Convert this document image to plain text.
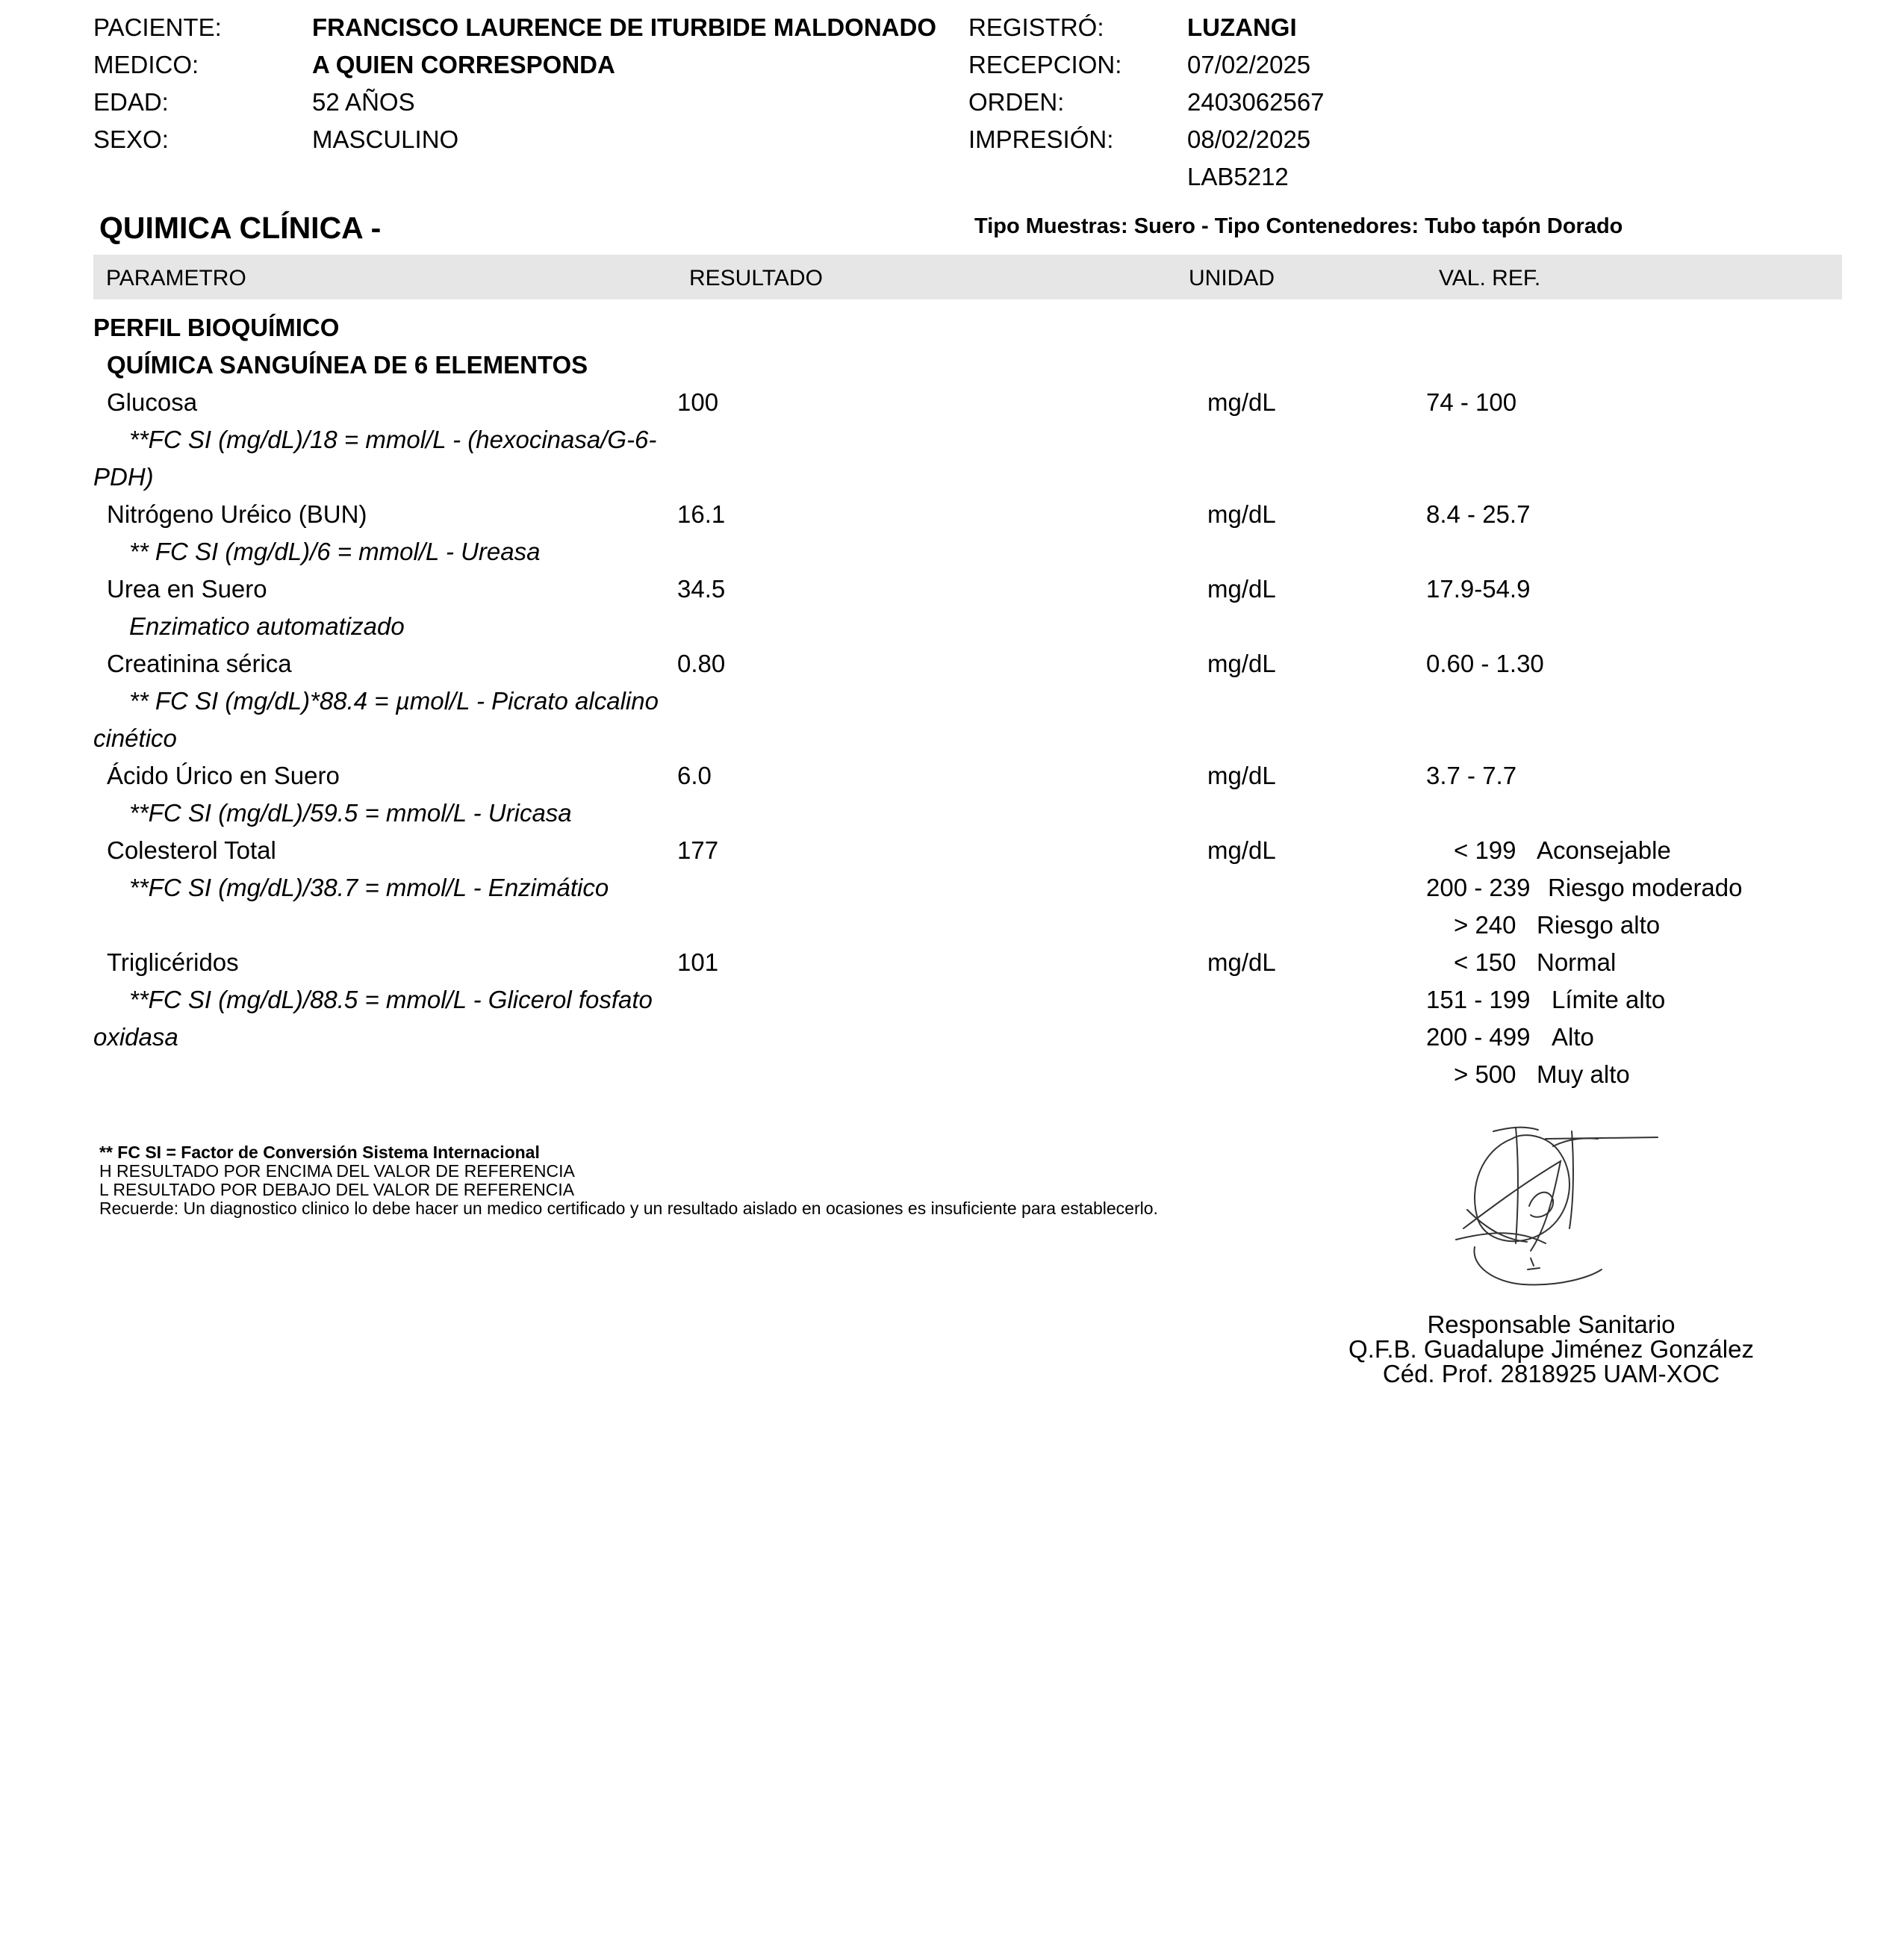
PACIENTE:	FRANCISCO LAURENCE DE ITURBIDE MALDONADO REGISTRÓ:	LUZANGI
MEDICO:	A QUIEN CORRESPONDA	RECEPCION:	07/02/2025
EDAD:	52 AÑOS	ORDEN:	2403062567
SEXO:	MASCULINO	IMPRESIÓN:	08/02/2025
LAB5212
QUIMICA CLÍNICA -	Tipo Muestras: Suero - Tipo Contenedores: Tubo tapón Dorado
PARAMETRO	RESULTADO	UNIDAD	VAL. REF.
PERFIL BIOQUÍMICO
QUÍMICA SANGUÍNEA DE 6 ELEMENTOS
Glucosa	100	mg/dL	74 - 100
**FC SI (mg/dL)/18 = mmol/L - (hexocinasa/G-6-
PDH)
Nitrógeno Uréico (BUN)	16.1	mg/dL	8.4 - 25.7
** FC SI (mg/dL)/6 = mmol/L - Ureasa
Urea en Suero	34.5	mg/dL	17.9-54.9
Enzimatico automatizado
Creatinina sérica	0.80	mg/dL	0.60 - 1.30
** FC SI (mg/dL)*88.4 = µmol/L - Picrato alcalino
cinético
Ácido Úrico en Suero	6.0	mg/dL	3.7 - 7.7
**FC SI (mg/dL)/59.5 = mmol/L - Uricasa
Colesterol Total	177	mg/dL	< 199 Aconsejable
**FC SI (mg/dL)/38.7 = mmol/L - Enzimático	200 - 239 Riesgo moderado
> 240 Riesgo alto
Triglicéridos	101	mg/dL	< 150 Normal
**FC SI (mg/dL)/88.5 = mmol/L - Glicerol fosfato	151 - 199 Límite alto
oxidasa	200 - 499 Alto
> 500 Muy alto
** FC SI = Factor de Conversión Sistema Internacional
H RESULTADO POR ENCIMA DEL VALOR DE REFERENCIA
L RESULTADO POR DEBAJO DEL VALOR DE REFERENCIA
Recuerde: Un diagnostico clinico lo debe hacer un medico certificado y un resultado aislado en ocasiones es insuficiente para establecerlo.
Responsable Sanitario
Q.F.B. Guadalupe Jiménez González
Céd. Prof. 2818925 UAM-XOC
